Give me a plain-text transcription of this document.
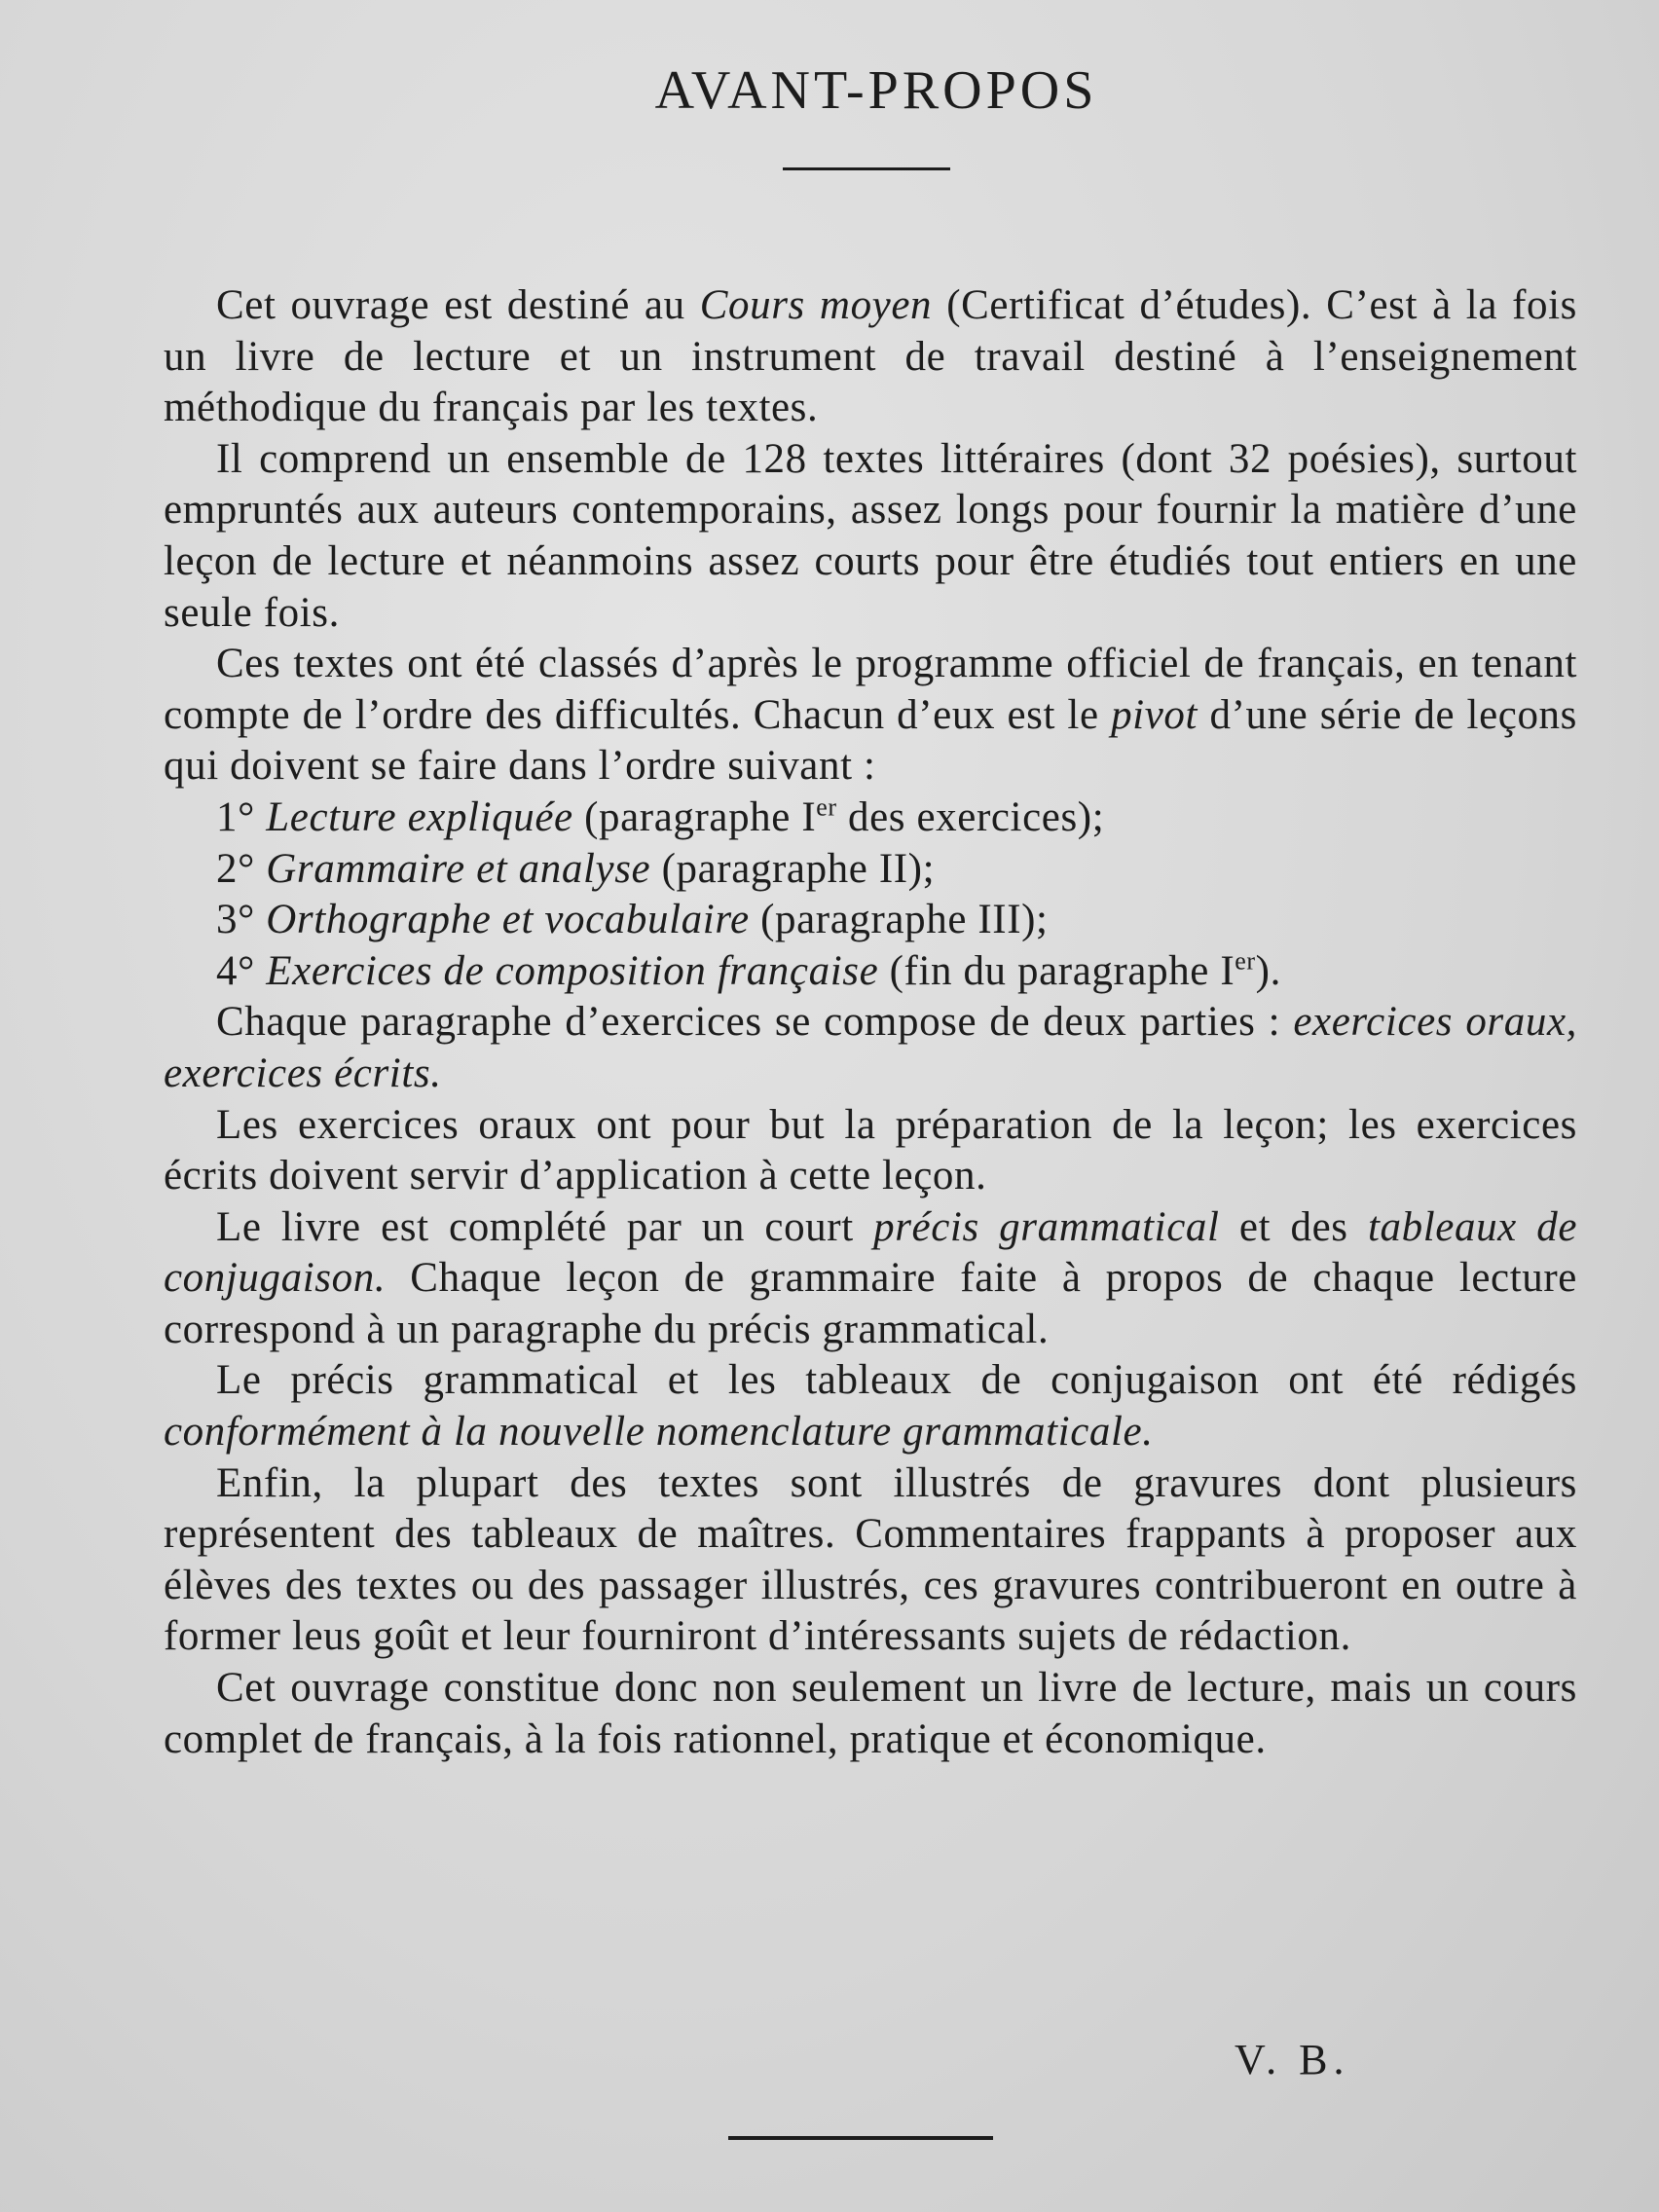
AVANT-PROPOS

Cet ouvrage est destiné au Cours moyen (Certificat d’études). C’est à la fois un livre de lecture et un instrument de travail destiné à l’enseignement méthodique du français par les textes.

Il comprend un ensemble de 128 textes littéraires (dont 32 poésies), surtout empruntés aux auteurs contemporains, assez longs pour fournir la matière d’une leçon de lecture et néanmoins assez courts pour être étudiés tout entiers en une seule fois.

Ces textes ont été classés d’après le programme officiel de français, en tenant compte de l’ordre des difficultés. Chacun d’eux est le pivot d’une série de leçons qui doivent se faire dans l’ordre suivant :

1° Lecture expliquée (paragraphe Ier des exercices);
2° Grammaire et analyse (paragraphe II);
3° Orthographe et vocabulaire (paragraphe III);
4° Exercices de composition française (fin du paragraphe Ier).

Chaque paragraphe d’exercices se compose de deux parties : exercices oraux, exercices écrits.

Les exercices oraux ont pour but la préparation de la leçon; les exercices écrits doivent servir d’application à cette leçon.

Le livre est complété par un court précis grammatical et des tableaux de conjugaison. Chaque leçon de grammaire faite à propos de chaque lecture correspond à un paragraphe du précis grammatical.

Le précis grammatical et les tableaux de conjugaison ont été rédigés conformément à la nouvelle nomenclature grammaticale.

Enfin, la plupart des textes sont illustrés de gravures dont plusieurs représentent des tableaux de maîtres. Commentaires frappants à proposer aux élèves des textes ou des passager illustrés, ces gravures contribueront en outre à former leus goût et leur fourniront d’intéressants sujets de rédaction.

Cet ouvrage constitue donc non seulement un livre de lecture, mais un cours complet de français, à la fois rationnel, pratique et économique.

V. B.
